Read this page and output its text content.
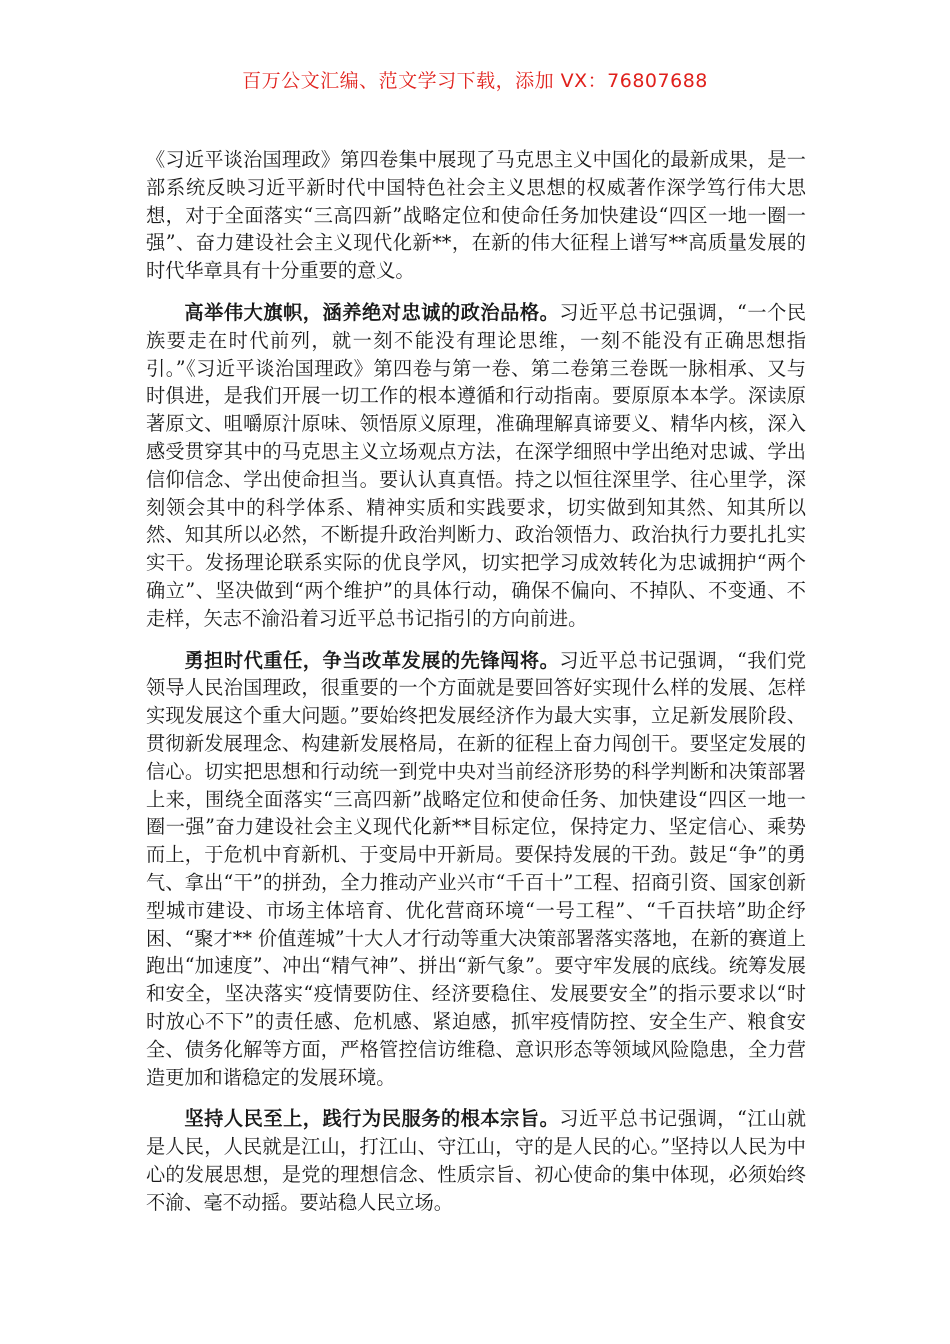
百万公文汇编、范文学习下载，添加 VX：76807688

《习近平谈治国理政》第四卷集中展现了马克思主义中国化的最新成果，是一部系统反映习近平新时代中国特色社会主义思想的权威著作深学笃行伟大思想，对于全面落实“三高四新”战略定位和使命任务加快建设“四区一地一圈一强”、奋力建设社会主义现代化新**，在新的伟大征程上谱写**高质量发展的时代华章具有十分重要的意义。

高举伟大旗帜，涵养绝对忠诚的政治品格。习近平总书记强调，“一个民族要走在时代前列，就一刻不能没有理论思维，一刻不能没有正确思想指引。”《习近平谈治国理政》第四卷与第一卷、第二卷第三卷既一脉相承、又与时俱进，是我们开展一切工作的根本遵循和行动指南。要原原本本学。深读原著原文、咀嚼原汁原味、领悟原义原理，准确理解真谛要义、精华内核，深入感受贯穿其中的马克思主义立场观点方法，在深学细照中学出绝对忠诚、学出信仰信念、学出使命担当。要认认真真悟。持之以恒往深里学、往心里学，深刻领会其中的科学体系、精神实质和实践要求，切实做到知其然、知其所以然、知其所以必然，不断提升政治判断力、政治领悟力、政治执行力要扎扎实实干。发扬理论联系实际的优良学风，切实把学习成效转化为忠诚拥护“两个确立”、坚决做到“两个维护”的具体行动，确保不偏向、不掉队、不变通、不走样，矢志不渝沿着习近平总书记指引的方向前进。

勇担时代重任，争当改革发展的先锋闯将。习近平总书记强调，“我们党领导人民治国理政，很重要的一个方面就是要回答好实现什么样的发展、怎样实现发展这个重大问题。”要始终把发展经济作为最大实事，立足新发展阶段、贯彻新发展理念、构建新发展格局，在新的征程上奋力闯创干。要坚定发展的信心。切实把思想和行动统一到党中央对当前经济形势的科学判断和决策部署上来，围绕全面落实“三高四新”战略定位和使命任务、加快建设“四区一地一圈一强”奋力建设社会主义现代化新**目标定位，保持定力、坚定信心、乘势而上，于危机中育新机、于变局中开新局。要保持发展的干劲。鼓足“争”的勇气、拿出“干”的拼劲，全力推动产业兴市“千百十”工程、招商引资、国家创新型城市建设、市场主体培育、优化营商环境“一号工程”、“千百扶培”助企纾困、“聚才** 价值莲城”十大人才行动等重大决策部署落实落地，在新的赛道上跑出“加速度”、冲出“精气神”、拼出“新气象”。要守牢发展的底线。统筹发展和安全，坚决落实“疫情要防住、经济要稳住、发展要安全”的指示要求以“时时放心不下”的责任感、危机感、紧迫感，抓牢疫情防控、安全生产、粮食安全、债务化解等方面，严格管控信访维稳、意识形态等领域风险隐患，全力营造更加和谐稳定的发展环境。

坚持人民至上，践行为民服务的根本宗旨。习近平总书记强调，“江山就是人民，人民就是江山，打江山、守江山，守的是人民的心。”坚持以人民为中心的发展思想，是党的理想信念、性质宗旨、初心使命的集中体现，必须始终不渝、毫不动摇。要站稳人民立场。
